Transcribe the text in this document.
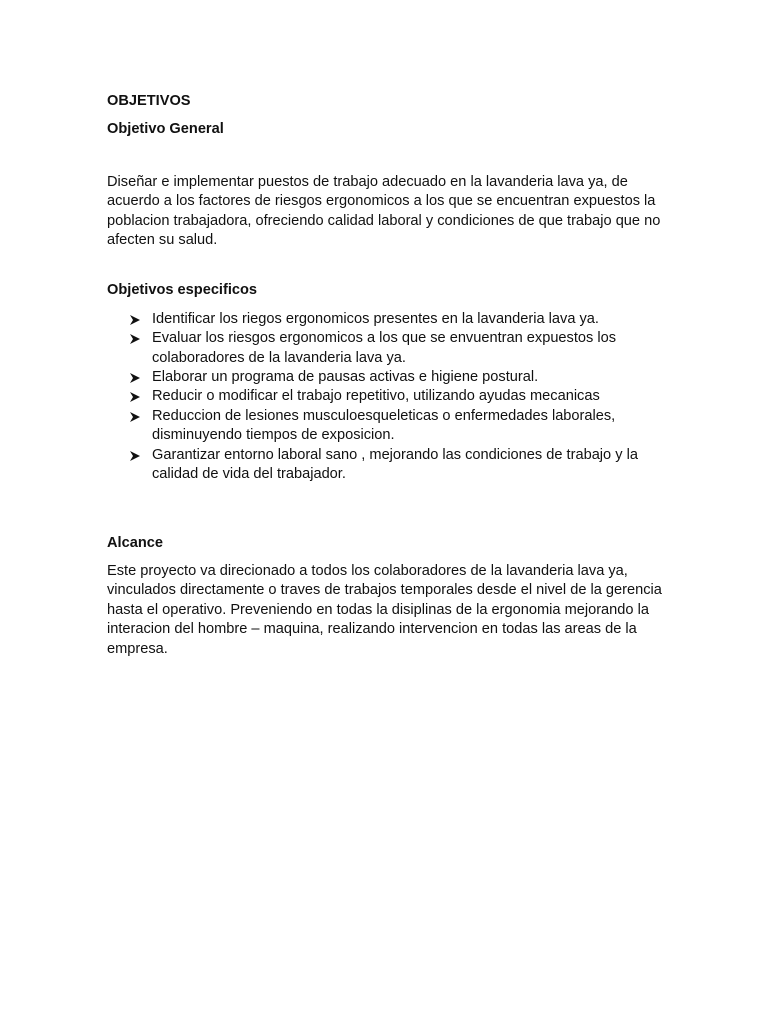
OBJETIVOS

Objetivo General

Diseñar e implementar puestos de trabajo adecuado en la lavanderia lava ya, de acuerdo a los factores de riesgos ergonomicos a los que se encuentran expuestos la poblacion trabajadora, ofreciendo calidad laboral y condiciones de que trabajo que no afecten su salud.

Objetivos especificos

Identificar los riegos ergonomicos presentes en la lavanderia lava ya.
Evaluar los riesgos ergonomicos a los que se envuentran expuestos los colaboradores de la lavanderia lava ya.
Elaborar un programa de pausas activas e higiene postural.
Reducir o modificar el trabajo repetitivo, utilizando ayudas mecanicas
Reduccion de lesiones musculoesqueleticas o enfermedades laborales, disminuyendo tiempos de exposicion.
Garantizar entorno laboral sano , mejorando las condiciones de trabajo y la calidad de vida del trabajador.

Alcance

Este proyecto va direcionado a todos los colaboradores de la lavanderia lava ya, vinculados directamente o traves de trabajos temporales desde el nivel de la gerencia hasta el operativo. Preveniendo en todas la disiplinas de la ergonomia mejorando la interacion del hombre – maquina, realizando intervencion en todas las areas de la empresa.
